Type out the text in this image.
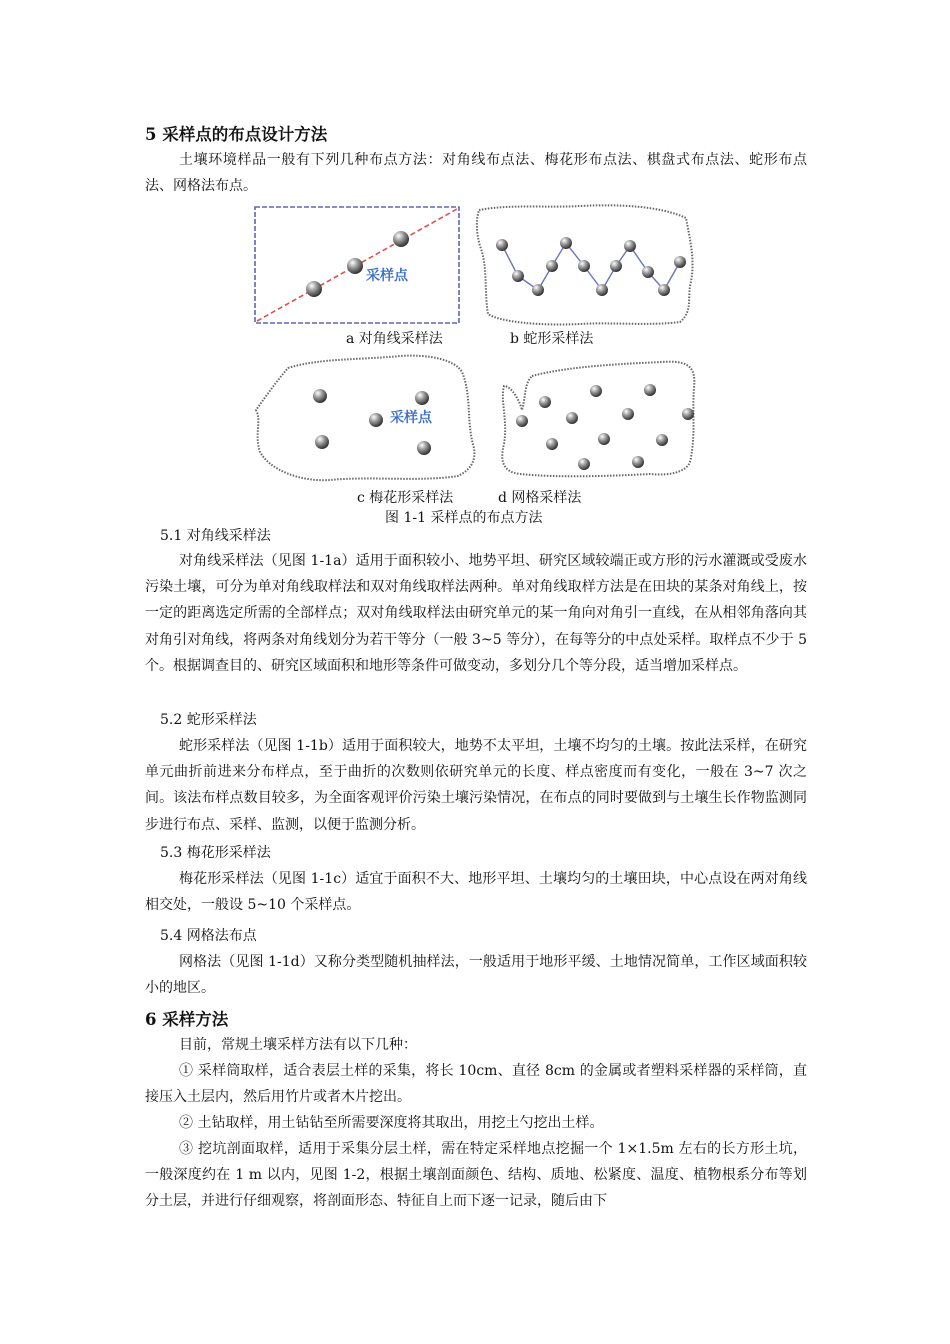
5 采样点的布点设计方法

土壤环境样品一般有下列几种布点方法：对角线布点法、梅花形布点法、棋盘式布点法、蛇形布点法、网格法布点。

采样点
采样点

a 对角线采样法	b 蛇形采样法

c 梅花形采样法	d 网格采样法

图 1-1 采样点的布点方法

5.1 对角线采样法

对角线采样法（见图 1-1a）适用于面积较小、地势平坦、研究区域较端正或方形的污水灌溉或受废水污染土壤，可分为单对角线取样法和双对角线取样法两种。单对角线取样方法是在田块的某条对角线上，按一定的距离选定所需的全部样点；双对角线取样法由研究单元的某一角向对角引一直线，在从相邻角落向其对角引对角线，将两条对角线划分为若干等分（一般 3~5 等分），在每等分的中点处采样。取样点不少于 5 个。根据调查目的、研究区域面积和地形等条件可做变动，多划分几个等分段，适当增加采样点。

5.2 蛇形采样法

蛇形采样法（见图 1-1b）适用于面积较大，地势不太平坦，土壤不均匀的土壤。按此法采样，在研究单元曲折前进来分布样点，至于曲折的次数则依研究单元的长度、样点密度而有变化，一般在 3~7 次之间。该法布样点数目较多，为全面客观评价污染土壤污染情况，在布点的同时要做到与土壤生长作物监测同步进行布点、采样、监测，以便于监测分析。

5.3 梅花形采样法

梅花形采样法（见图 1-1c）适宜于面积不大、地形平坦、土壤均匀的土壤田块，中心点设在两对角线相交处，一般设 5~10 个采样点。

5.4 网格法布点

网格法（见图 1-1d）又称分类型随机抽样法，一般适用于地形平缓、土地情况简单，工作区域面积较小的地区。

6 采样方法

目前，常规土壤采样方法有以下几种：

① 采样筒取样，适合表层土样的采集，将长 10cm、直径 8cm 的金属或者塑料采样器的采样筒，直接压入土层内，然后用竹片或者木片挖出。

② 土钻取样，用土钻钻至所需要深度将其取出，用挖土勺挖出土样。

③ 挖坑剖面取样，适用于采集分层土样，需在特定采样地点挖掘一个 1×1.5m 左右的长方形土坑，一般深度约在 1 m 以内，见图 1-2，根据土壤剖面颜色、结构、质地、松紧度、温度、植物根系分布等划分土层，并进行仔细观察，将剖面形态、特征自上而下逐一记录，随后由下
